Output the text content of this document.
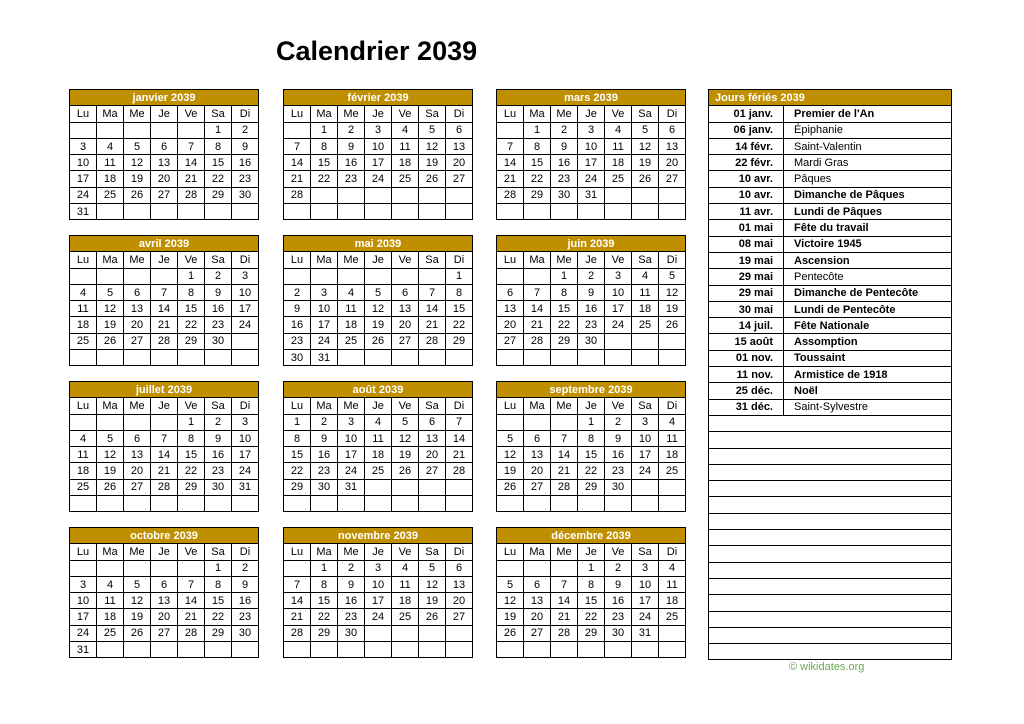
Calendrier 2039
janvier 2039						
Lu	Ma	Me	Je	Ve	Sa	Di
					1	2
3	4	5	6	7	8	9
10	11	12	13	14	15	16
17	18	19	20	21	22	23
24	25	26	27	28	29	30
31						
février 2039						
Lu	Ma	Me	Je	Ve	Sa	Di
	1	2	3	4	5	6
7	8	9	10	11	12	13
14	15	16	17	18	19	20
21	22	23	24	25	26	27
28						

mars 2039						
Lu	Ma	Me	Je	Ve	Sa	Di
	1	2	3	4	5	6
7	8	9	10	11	12	13
14	15	16	17	18	19	20
21	22	23	24	25	26	27
28	29	30	31			

avril 2039						
Lu	Ma	Me	Je	Ve	Sa	Di
				1	2	3
4	5	6	7	8	9	10
11	12	13	14	15	16	17
18	19	20	21	22	23	24
25	26	27	28	29	30	

mai 2039						
Lu	Ma	Me	Je	Ve	Sa	Di
						1
2	3	4	5	6	7	8
9	10	11	12	13	14	15
16	17	18	19	20	21	22
23	24	25	26	27	28	29
30	31					
juin 2039						
Lu	Ma	Me	Je	Ve	Sa	Di
		1	2	3	4	5
6	7	8	9	10	11	12
13	14	15	16	17	18	19
20	21	22	23	24	25	26
27	28	29	30			

juillet 2039						
Lu	Ma	Me	Je	Ve	Sa	Di
				1	2	3
4	5	6	7	8	9	10
11	12	13	14	15	16	17
18	19	20	21	22	23	24
25	26	27	28	29	30	31

août 2039						
Lu	Ma	Me	Je	Ve	Sa	Di
1	2	3	4	5	6	7
8	9	10	11	12	13	14
15	16	17	18	19	20	21
22	23	24	25	26	27	28
29	30	31				

septembre 2039						
Lu	Ma	Me	Je	Ve	Sa	Di
			1	2	3	4
5	6	7	8	9	10	11
12	13	14	15	16	17	18
19	20	21	22	23	24	25
26	27	28	29	30		

octobre 2039						
Lu	Ma	Me	Je	Ve	Sa	Di
					1	2
3	4	5	6	7	8	9
10	11	12	13	14	15	16
17	18	19	20	21	22	23
24	25	26	27	28	29	30
31						
novembre 2039						
Lu	Ma	Me	Je	Ve	Sa	Di
	1	2	3	4	5	6
7	8	9	10	11	12	13
14	15	16	17	18	19	20
21	22	23	24	25	26	27
28	29	30				

décembre 2039						
Lu	Ma	Me	Je	Ve	Sa	Di
			1	2	3	4
5	6	7	8	9	10	11
12	13	14	15	16	17	18
19	20	21	22	23	24	25
26	27	28	29	30	31	

Jours fériés 2039	
01 janv.	Premier de l'An
06 janv.	Épiphanie
14 févr.	Saint-Valentin
22 févr.	Mardi Gras
10 avr.	Pâques
10 avr.	Dimanche de Pâques
11 avr.	Lundi de Pâques
01 mai	Fête du travail
08 mai	Victoire 1945
19 mai	Ascension
29 mai	Pentecôte
29 mai	Dimanche de Pentecôte
30 mai	Lundi de Pentecôte
14 juil.	Fête Nationale
15 août	Assomption
01 nov.	Toussaint
11 nov.	Armistice de 1918
25 déc.	Noël
31 déc.	Saint-Sylvestre

© wikidates.org
